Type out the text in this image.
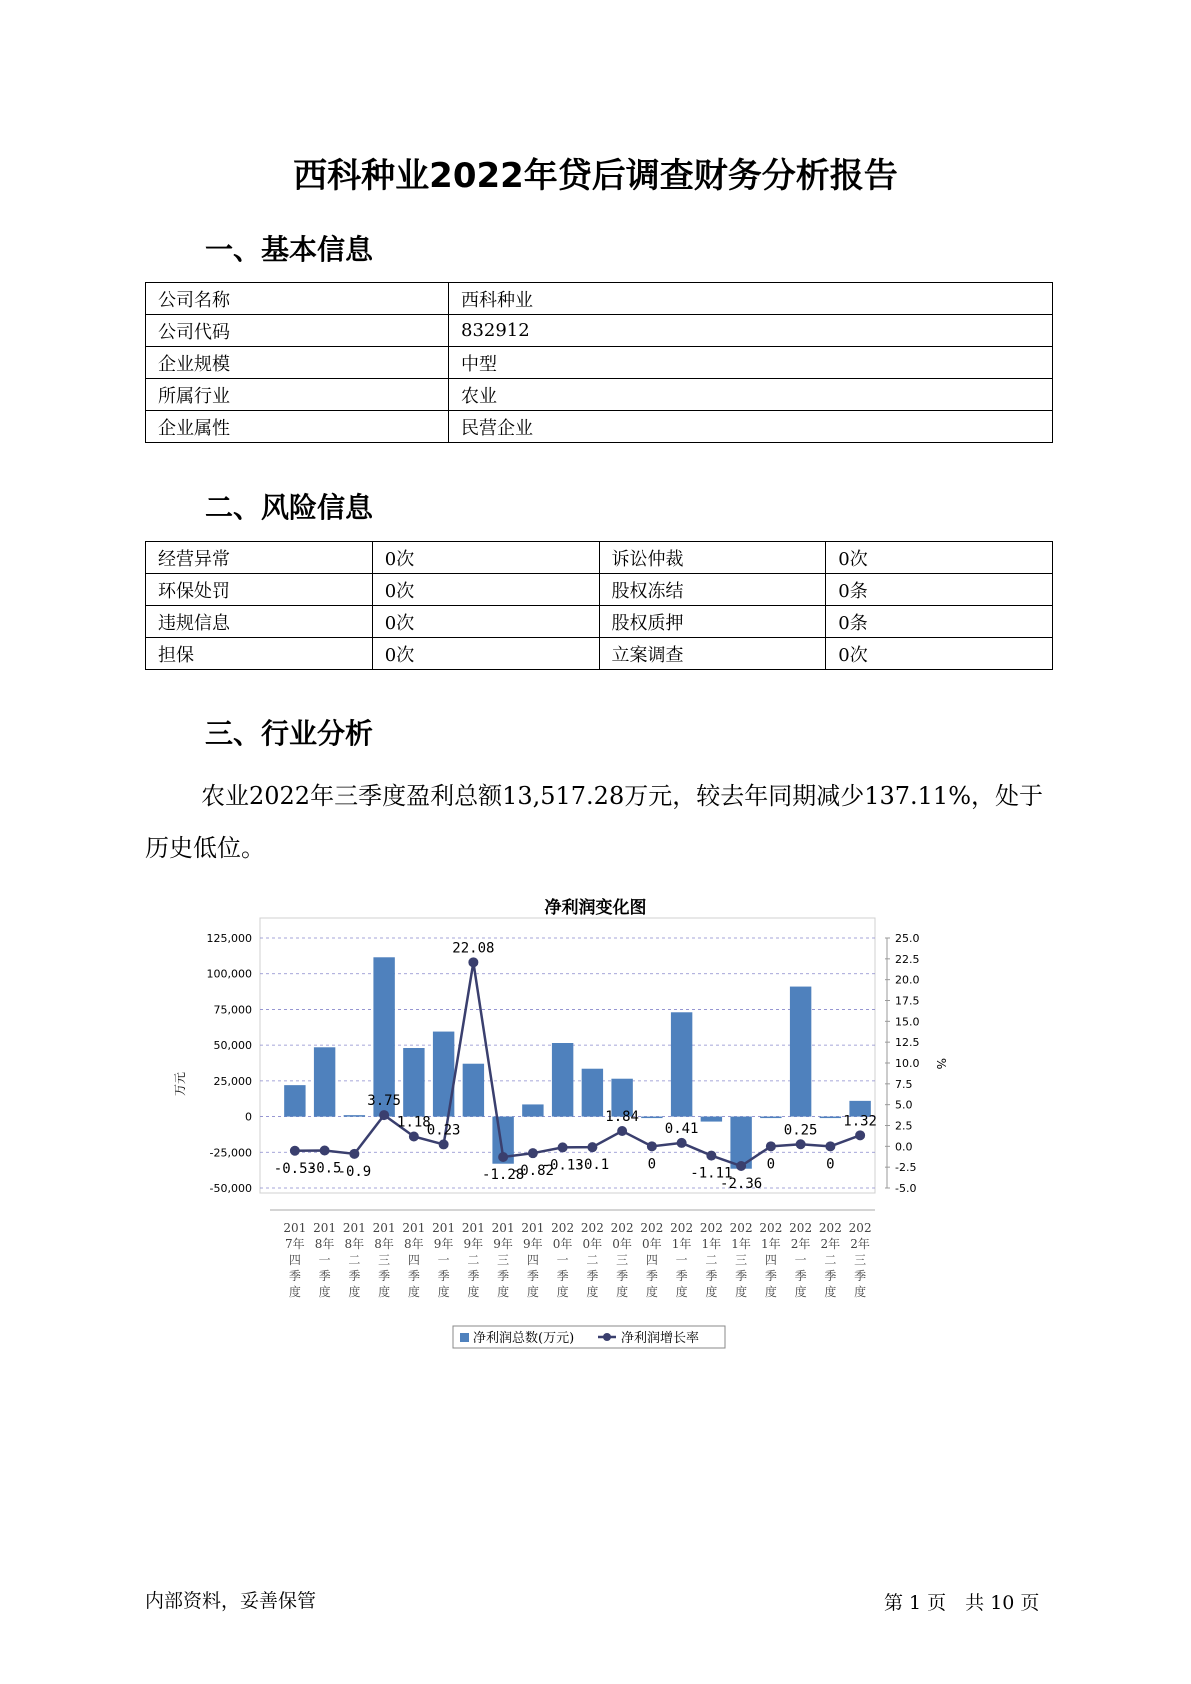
西科种业2022年贷后调查财务分析报告
一、基本信息
公司名称	西科种业
公司代码	832912
企业规模	中型
所属行业	农业
企业属性	民营企业
二、风险信息
经营异常	0次	诉讼仲裁	0次
环保处罚	0次	股权冻结	0条
违规信息	0次	股权质押	0条
担保	0次	立案调查	0次
三、行业分析
农业2022年三季度盈利总额13,517.28万元，较去年同期减少137.11%，处于历史低位。
净利润变化图
125,000
100,000
75,000
50,000
25,000
0
-25,000
-50,000
25.0
22.5
20.0
17.5
15.0
12.5
10.0
7.5
5.0
2.5
0.0
-2.5
-5.0
万元
%
-0.53
-0.5
-0.9
3.75
1.18
0.23
22.08
-1.28
-0.82
-0.13
-0.1
1.84
0
0.41
-1.11
-2.36
0
0.25
0
1.32
201
7年
四
季
度
201
8年
一
季
度
201
8年
二
季
度
201
8年
三
季
度
201
8年
四
季
度
201
9年
一
季
度
201
9年
二
季
度
201
9年
三
季
度
201
9年
四
季
度
202
0年
一
季
度
202
0年
二
季
度
202
0年
三
季
度
202
0年
四
季
度
202
1年
一
季
度
202
1年
二
季
度
202
1年
三
季
度
202
1年
四
季
度
202
2年
一
季
度
202
2年
二
季
度
202
2年
三
季
度
净利润总数(万元)	净利润增长率
内部资料，妥善保管	第 1 页　共 10 页
